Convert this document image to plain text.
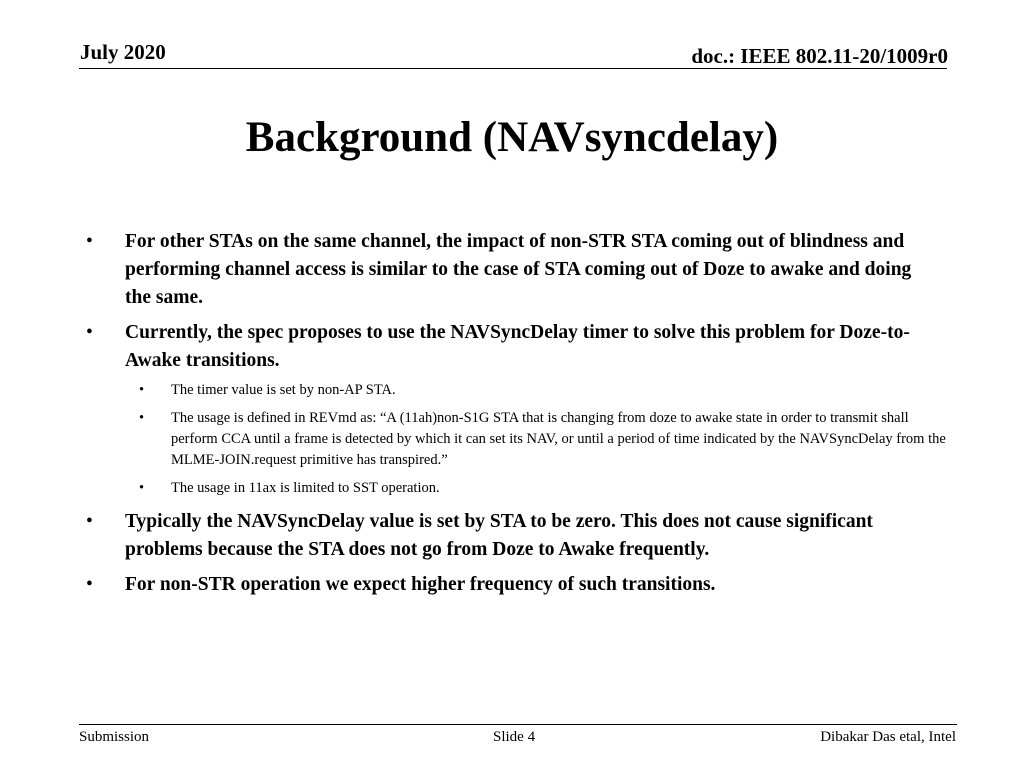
July 2020	doc.: IEEE 802.11-20/1009r0
Background (NAVsyncdelay)
• For other STAs on the same channel, the impact of non-STR STA coming out of blindness and performing channel access is similar to the case of STA coming out of Doze to awake and doing the same.
• Currently, the spec proposes to use the NAVSyncDelay timer to solve this problem for Doze-to-Awake transitions.
• The timer value is set by non-AP STA.
• The usage is defined in REVmd as: “A (11ah)non-S1G STA that is changing from doze to awake state in order to transmit shall perform CCA until a frame is detected by which it can set its NAV, or until a period of time indicated by the NAVSyncDelay from the MLME-JOIN.request primitive has transpired.”
• The usage in 11ax is limited to SST operation.
• Typically the NAVSyncDelay value is set by STA to be zero. This does not cause significant problems because the STA does not go from Doze to Awake frequently.
• For non-STR operation we expect higher frequency of such transitions.
Submission	Slide 4	Dibakar Das etal, Intel
